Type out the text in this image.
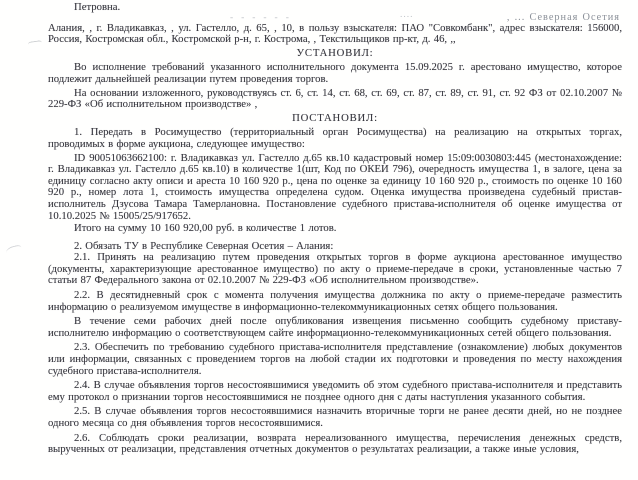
Петровна.

- - - - - -	....	, ... Северная Осетия

Алания, , г. Владикавказ, , ул. Гастелло, д. 65, , 10, в пользу взыскателя: ПАО "Совкомбанк", адрес взыскателя: 156000, Россия, Костромская обл., Костромской р-н, г. Кострома, , Текстильщиков пр-кт, д. 46, ,,

УСТАНОВИЛ:

Во исполнение требований указанного исполнительного документа 15.09.2025 г. арестовано имущество, которое подлежит дальнейшей реализации путем проведения торгов.

На основании изложенного, руководствуясь ст. 6, ст. 14, ст. 68, ст. 69, ст. 87, ст. 89, ст. 91, ст. 92 ФЗ от 02.10.2007 № 229-ФЗ «Об исполнительном производстве» ,

ПОСТАНОВИЛ:

1. Передать в Росимущество (территориальный орган Росимущества) на реализацию на открытых торгах, проводимых в форме аукциона, следующее имущество:

ID 90051063662100: г. Владикавказ ул. Гастелло д.65 кв.10 кадастровый номер 15:09:0030803:445 (местонахождение: г. Владикавказ ул. Гастелло д.65 кв.10) в количестве 1(шт, Код по ОКЕИ 796), очередность имущества 1, в залоге, цена за единицу согласно акту описи и ареста 10 160 920 р., цена по оценке за единицу 10 160 920 р., стоимость по оценке 10 160 920 р., номер лота 1, стоимость имущества определена судом. Оценка имущества произведена судебный пристав-исполнитель Дзусова Тамара Тамерлановна. Постановление судебного пристава-исполнителя об оценке имущества от 10.10.2025 № 15005/25/917652.

Итого на сумму 10 160 920,00 руб. в количестве 1 лотов.

2. Обязать ТУ в Республике Северная Осетия – Алания:

2.1. Принять на реализацию путем проведения открытых торгов в форме аукциона арестованное имущество (документы, характеризующие арестованное имущество) по акту о приеме-передаче в сроки, установленные частью 7 статьи 87 Федерального закона от 02.10.2007 № 229-ФЗ «Об исполнительном производстве».

2.2. В десятидневный срок с момента получения имущества должника по акту о приеме-передаче разместить информацию о реализуемом имуществе в информационно-телекоммуникационных сетях общего пользования.

В течение семи рабочих дней после опубликования извещения письменно сообщить судебному приставу-исполнителю информацию о соответствующем сайте информационно-телекоммуникационных сетей общего пользования.

2.3. Обеспечить по требованию судебного пристава-исполнителя представление (ознакомление) любых документов или информации, связанных с проведением торгов на любой стадии их подготовки и проведения по месту нахождения судебного пристава-исполнителя.

2.4. В случае объявления торгов несостоявшимися уведомить об этом судебного пристава-исполнителя и представить ему протокол о признании торгов несостоявшимися не позднее одного дня с даты наступления указанного события.

2.5. В случае объявления торгов несостоявшимися назначить вторичные торги не ранее десяти дней, но не позднее одного месяца со дня объявления торгов несостоявшимися.

2.6. Соблюдать сроки реализации, возврата нереализованного имущества, перечисления денежных средств, вырученных от реализации, представления отчетных документов о результатах реализации, а также иные условия,
